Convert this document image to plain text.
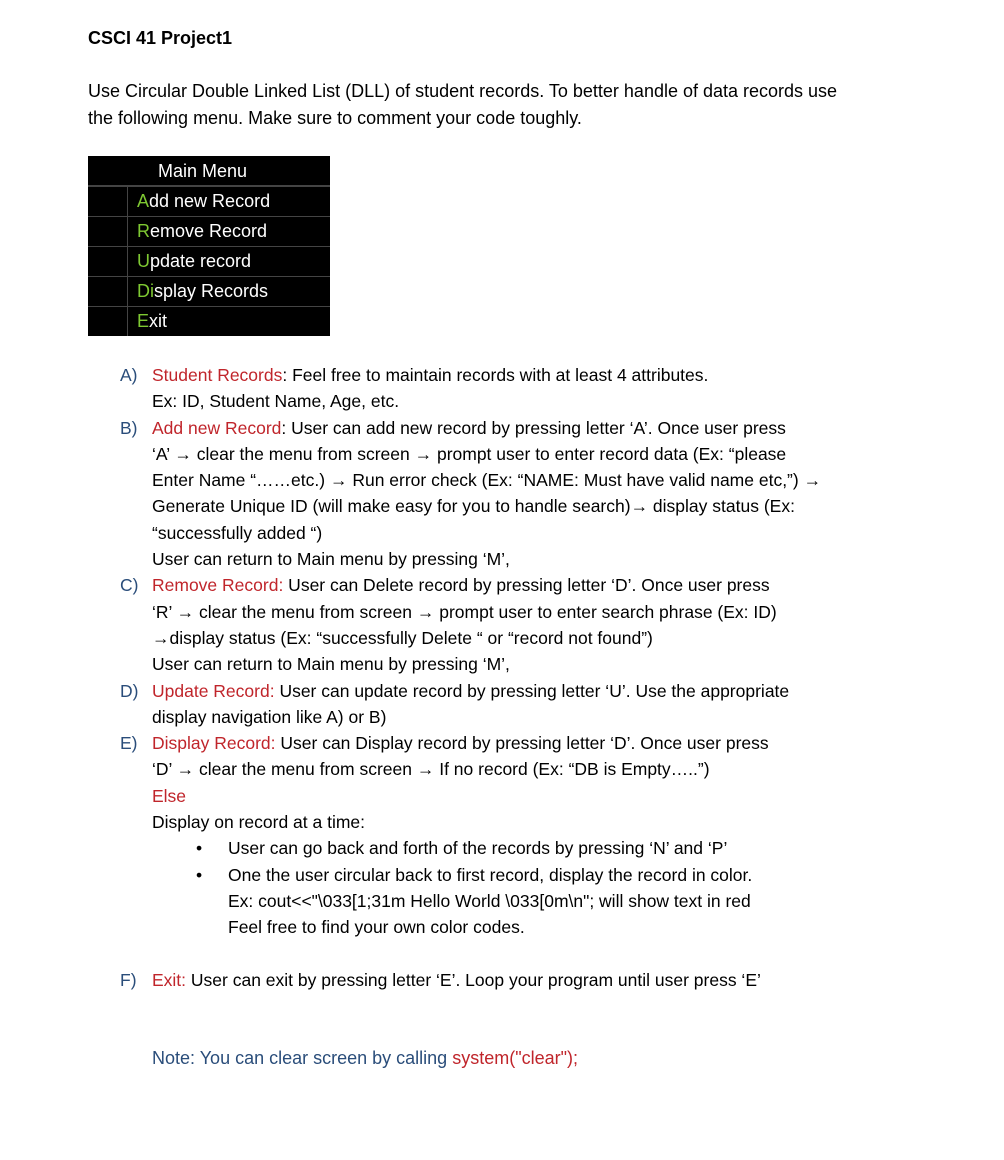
CSCI 41 Project1
Use Circular Double Linked List (DLL) of student records. To better handle of data records use
the following menu. Make sure to comment your code toughly.
Main Menu
Add new Record
Remove Record
Update record
Display Records
Exit
A) Student Records: Feel free to maintain records with at least 4 attributes.
Ex: ID, Student Name, Age, etc.
B) Add new Record: User can add new record by pressing letter ‘A’. Once user press
‘A’ → clear the menu from screen → prompt user to enter record data (Ex: “please
Enter Name “……etc.) → Run error check (Ex: “NAME: Must have valid name etc,”) →
Generate Unique ID (will make easy for you to handle search)→ display status (Ex:
“successfully added “)
User can return to Main menu by pressing ‘M’,
C) Remove Record: User can Delete record by pressing letter ‘D’. Once user press
‘R’ → clear the menu from screen → prompt user to enter search phrase (Ex: ID)
→display status (Ex: “successfully Delete “ or “record not found”)
User can return to Main menu by pressing ‘M’,
D) Update Record: User can update record by pressing letter ‘U’. Use the appropriate
display navigation like A) or B)
E) Display Record: User can Display record by pressing letter ‘D’. Once user press
‘D’ → clear the menu from screen → If no record (Ex: “DB is Empty…..”)
Else
Display on record at a time:
• User can go back and forth of the records by pressing ‘N’ and ‘P’
• One the user circular back to first record, display the record in color.
Ex: cout<<"\033[1;31m Hello World \033[0m\n"; will show text in red
Feel free to find your own color codes.
F) Exit: User can exit by pressing letter ‘E’. Loop your program until user press ‘E’
Note: You can clear screen by calling system("clear");
